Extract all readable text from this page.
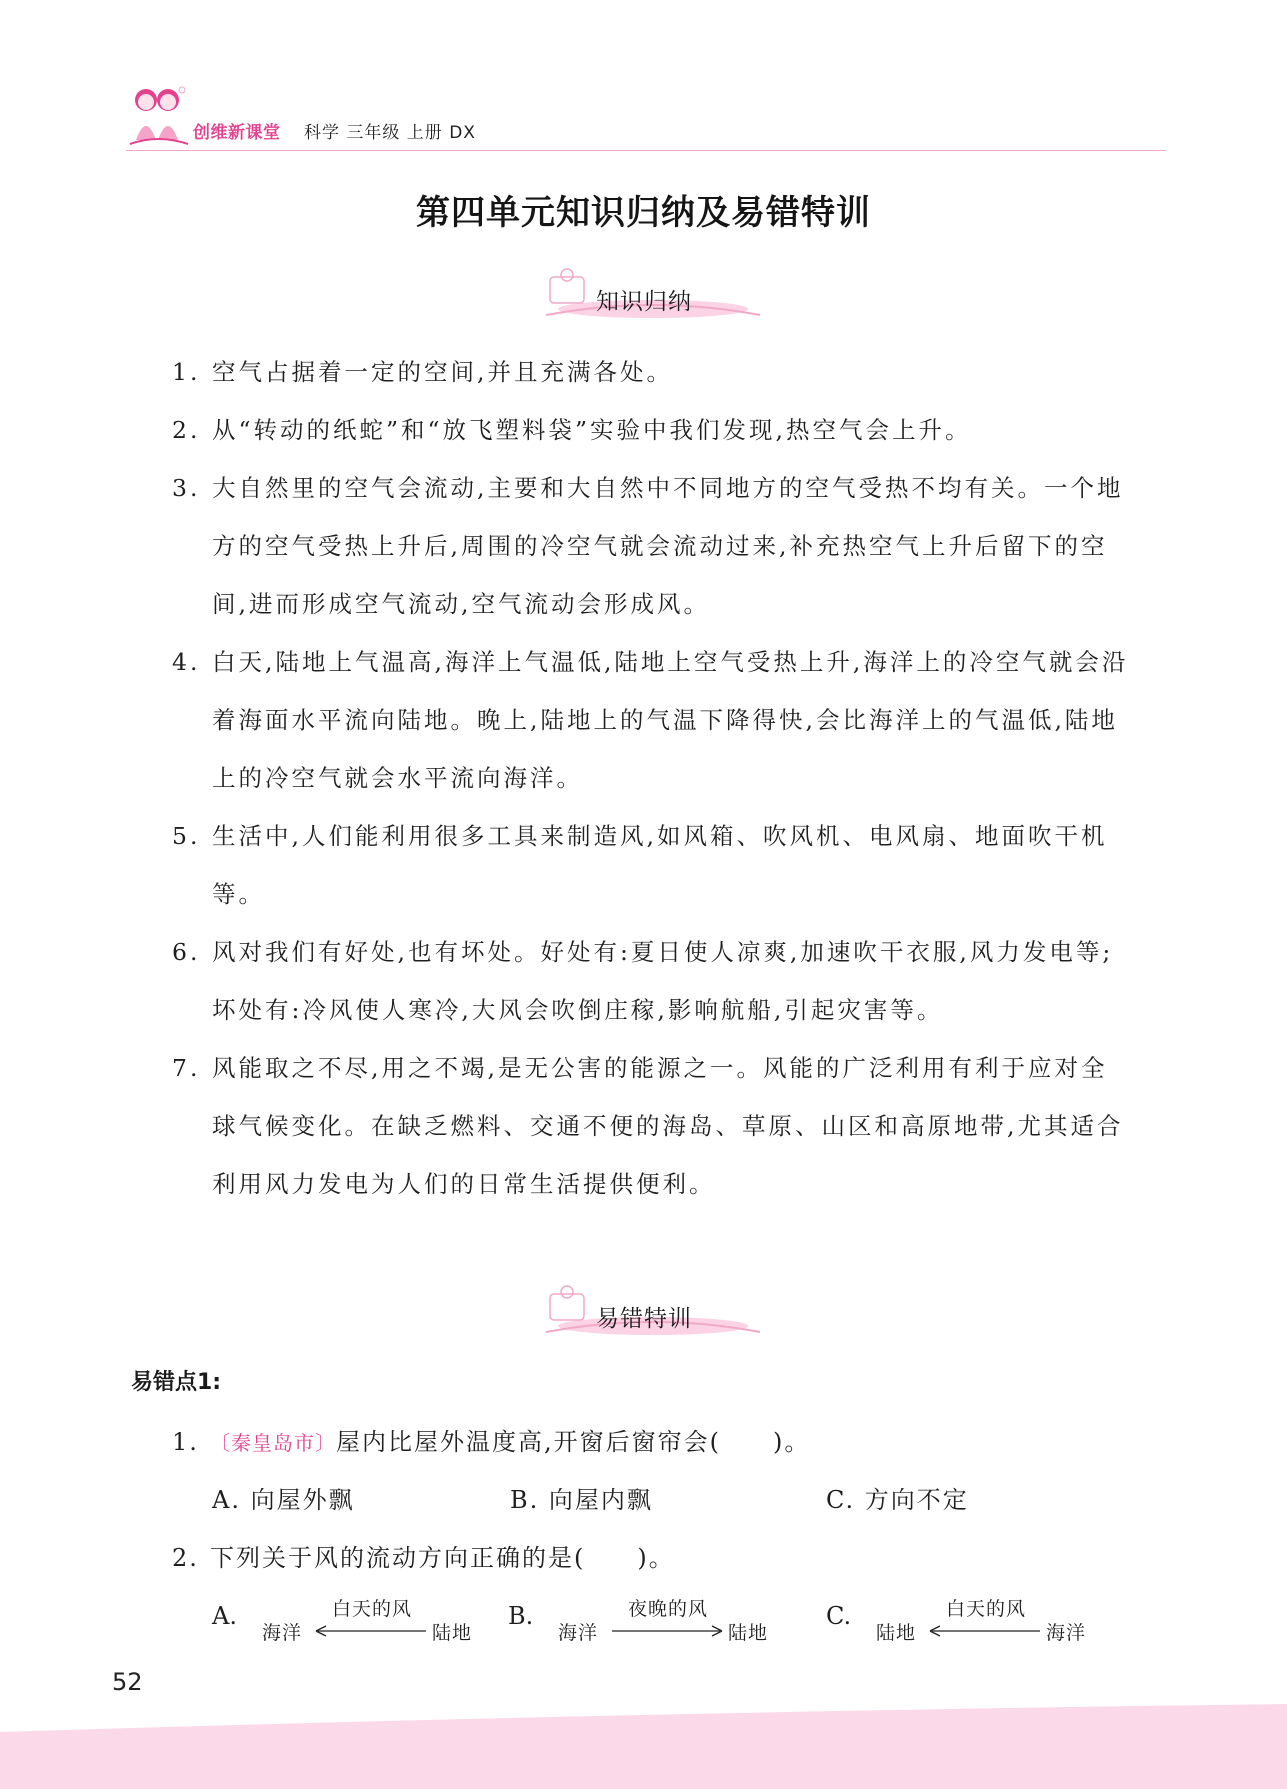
创维新课堂 科学 三年级 上册 DX
第四单元知识归纳及易错特训
知识归纳
1. 空气占据着一定的空间,并且充满各处。
2. 从“转动的纸蛇”和“放飞塑料袋”实验中我们发现,热空气会上升。
3. 大自然里的空气会流动,主要和大自然中不同地方的空气受热不均有关。一个地方的空气受热上升后,周围的冷空气就会流动过来,补充热空气上升后留下的空间,进而形成空气流动,空气流动会形成风。
4. 白天,陆地上气温高,海洋上气温低,陆地上空气受热上升,海洋上的冷空气就会沿着海面水平流向陆地。晚上,陆地上的气温下降得快,会比海洋上的气温低,陆地上的冷空气就会水平流向海洋。
5. 生活中,人们能利用很多工具来制造风,如风箱、吹风机、电风扇、地面吹干机等。
6. 风对我们有好处,也有坏处。好处有:夏日使人凉爽,加速吹干衣服,风力发电等;坏处有:冷风使人寒冷,大风会吹倒庄稼,影响航船,引起灾害等。
7. 风能取之不尽,用之不竭,是无公害的能源之一。风能的广泛利用有利于应对全球气候变化。在缺乏燃料、交通不便的海岛、草原、山区和高原地带,尤其适合利用风力发电为人们的日常生活提供便利。
易错特训
易错点1:
1. 〔秦皇岛市〕屋内比屋外温度高,开窗后窗帘会(　　)。
A. 向屋外飘	B. 向屋内飘	C. 方向不定
2. 下列关于风的流动方向正确的是(　　)。
A.
海洋
白天的风
陆地
B.
海洋
夜晚的风
陆地
C.
陆地
白天的风
海洋
52
